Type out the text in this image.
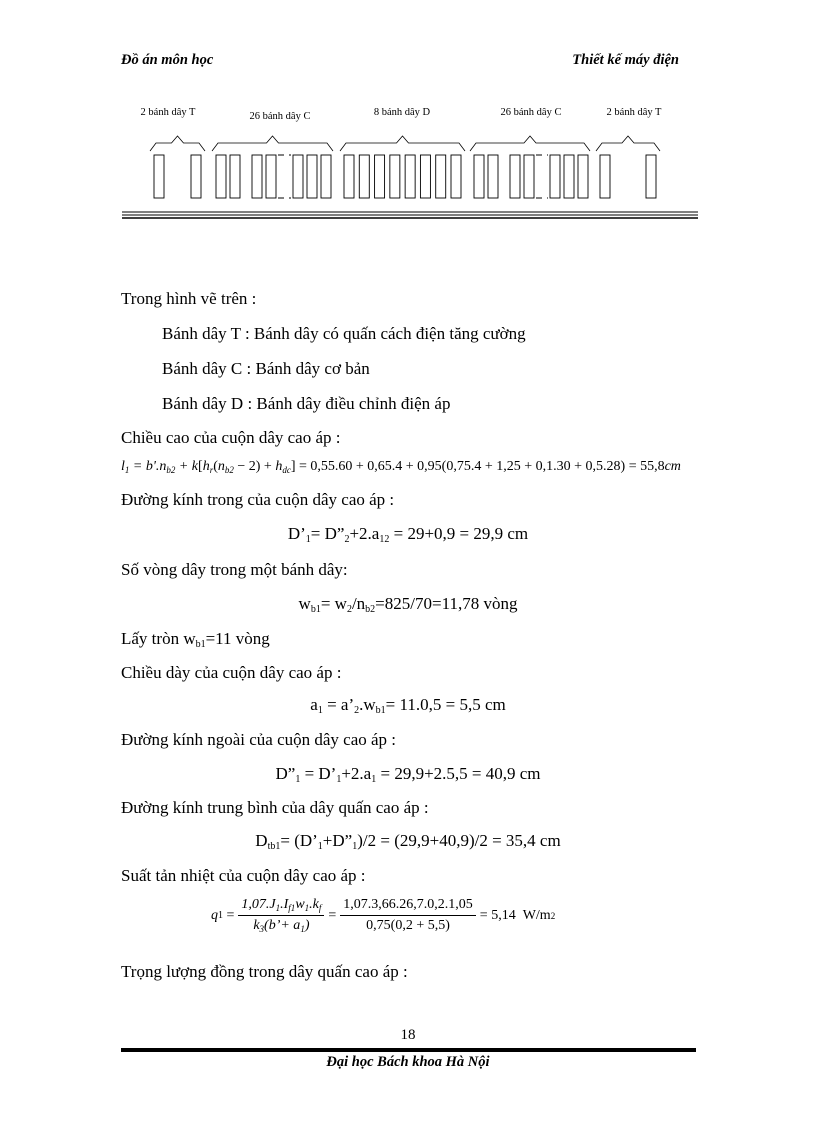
Đồ án môn học	Thiết kế máy điện
2 bánh dây T	26 bánh dây C	8 bánh dây D	26 bánh dây C	2 bánh dây T
Trong hình vẽ trên :
Bánh dây T : Bánh dây có quấn cách điện tăng cường
Bánh dây C : Bánh dây cơ bản
Bánh dây D : Bánh dây điều chỉnh điện áp
Chiều cao của cuộn dây cao áp :
$l_1 = b'.n_{b2} + k[h_r(n_{b2} - 2) + h_{dc}] = 0,55.60 + 0,65.4 + 0,95(0,75.4 + 1,25 + 0,1.30 + 0,5.28) = 55,8cm$
Đường kính trong của cuộn dây cao áp :
$D’_1=$ $D”_2+2.a_{12} = 29+0,9 = 29,9$ cm
Số vòng dây trong một bánh dây:
$w_{b1}= w_2/n_{b2}=825/70=11,78$ vòng
Lấy tròn $w_{b1}=11$ vòng
Chiều dày của cuộn dây cao áp :
$a_1$ = $a’_2.w_{b1}= 11.0,5 = 5,5$ cm
Đường kính ngoài của cuộn dây cao áp :
$D”_1$ = $D’_1+2.a_1 = 29,9+2.5,5 = 40,9$ cm
Đường kính trung bình của dây quấn cao áp :
$D_{tb1}=$ $(D’_1+D”_1)/2 = (29,9+40,9)/2 = 35,4$ cm
Suất tản nhiệt của cuộn dây cao áp :
q $1 = \frac{1,07.J_1.I_{f1}w_1.k_f}{k_3(b’+ a_1)} = \frac{1,07.3,66.26,7.0,2.1,05}{0,75(0,2 + 5,5)} = 5,14$
W/m 2
Trọng lượng đồng trong dây quấn cao áp :
18
Đại học Bách khoa Hà Nội
